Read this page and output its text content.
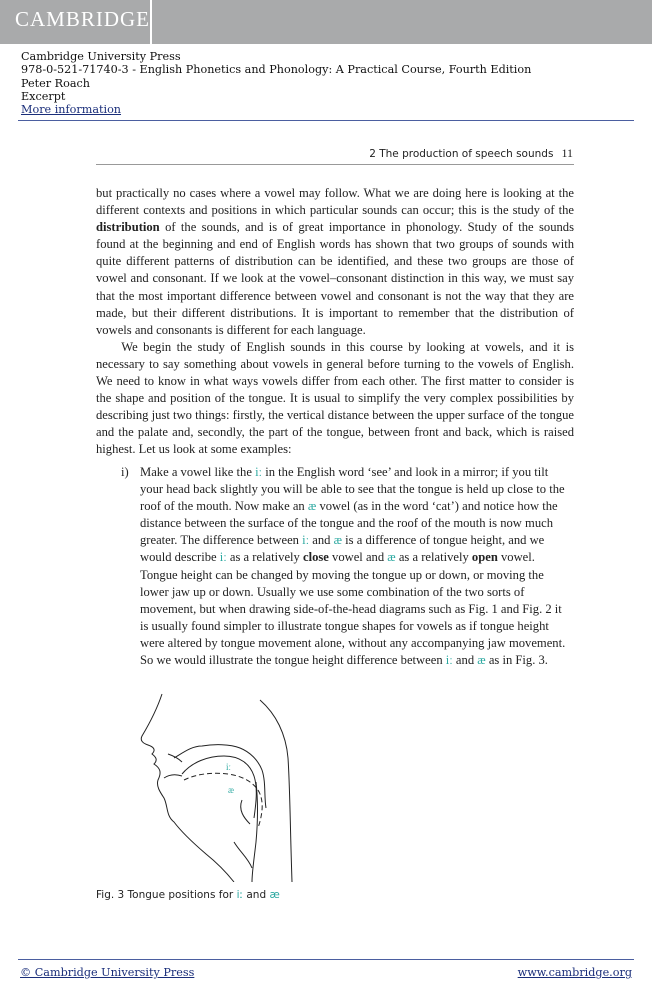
CAMBRIDGE
Cambridge University Press
978-0-521-71740-3 - English Phonetics and Phonology: A Practical Course, Fourth Edition
Peter Roach
Excerpt
More information
2 The production of speech sounds 11

but practically no cases where a vowel may follow. What we are doing here is looking at the different contexts and positions in which particular sounds can occur; this is the study of the distribution of the sounds, and is of great importance in phonology. Study of the sounds found at the beginning and end of English words has shown that two groups of sounds with quite different patterns of distribution can be identified, and these two groups are those of vowel and consonant. If we look at the vowel–consonant distinction in this way, we must say that the most important difference between vowel and consonant is not the way that they are made, but their different distributions. It is important to remember that the distribution of vowels and consonants is different for each language.

We begin the study of English sounds in this course by looking at vowels, and it is necessary to say something about vowels in general before turning to the vowels of English. We need to know in what ways vowels differ from each other. The first matter to consider is the shape and position of the tongue. It is usual to simplify the very complex possibilities by describing just two things: firstly, the vertical distance between the upper surface of the tongue and the palate and, secondly, the part of the tongue, between front and back, which is raised highest. Let us look at some examples:

i) Make a vowel like the iː in the English word ‘see’ and look in a mirror; if you tilt your head back slightly you will be able to see that the tongue is held up close to the roof of the mouth. Now make an æ vowel (as in the word ‘cat’) and notice how the distance between the surface of the tongue and the roof of the mouth is now much greater. The difference between iː and æ is a difference of tongue height, and we would describe iː as a relatively close vowel and æ as a relatively open vowel. Tongue height can be changed by moving the tongue up or down, or moving the lower jaw up or down. Usually we use some combination of the two sorts of movement, but when drawing side-of-the-head diagrams such as Fig. 1 and Fig. 2 it is usually found simpler to illustrate tongue shapes for vowels as if tongue height were altered by tongue movement alone, without any accompanying jaw movement. So we would illustrate the tongue height difference between iː and æ as in Fig. 3.
iː
æ
Fig. 3 Tongue positions for iː and æ
© Cambridge University Press	www.cambridge.org
